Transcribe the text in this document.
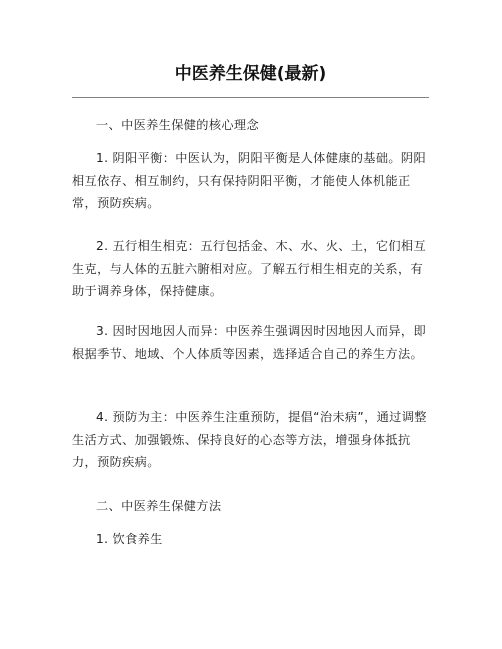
中医养生保健(最新)

一、中医养生保健的核心理念

1. 阴阳平衡：中医认为，阴阳平衡是人体健康的基础。阴阳相互依存、相互制约，只有保持阴阳平衡，才能使人体机能正常，预防疾病。

2. 五行相生相克：五行包括金、木、水、火、土，它们相互生克，与人体的五脏六腑相对应。了解五行相生相克的关系，有助于调养身体，保持健康。

3. 因时因地因人而异：中医养生强调因时因地因人而异，即根据季节、地域、个人体质等因素，选择适合自己的养生方法。

4. 预防为主：中医养生注重预防，提倡“治未病”，通过调整生活方式、加强锻炼、保持良好的心态等方法，增强身体抵抗力，预防疾病。

二、中医养生保健方法

1. 饮食养生
